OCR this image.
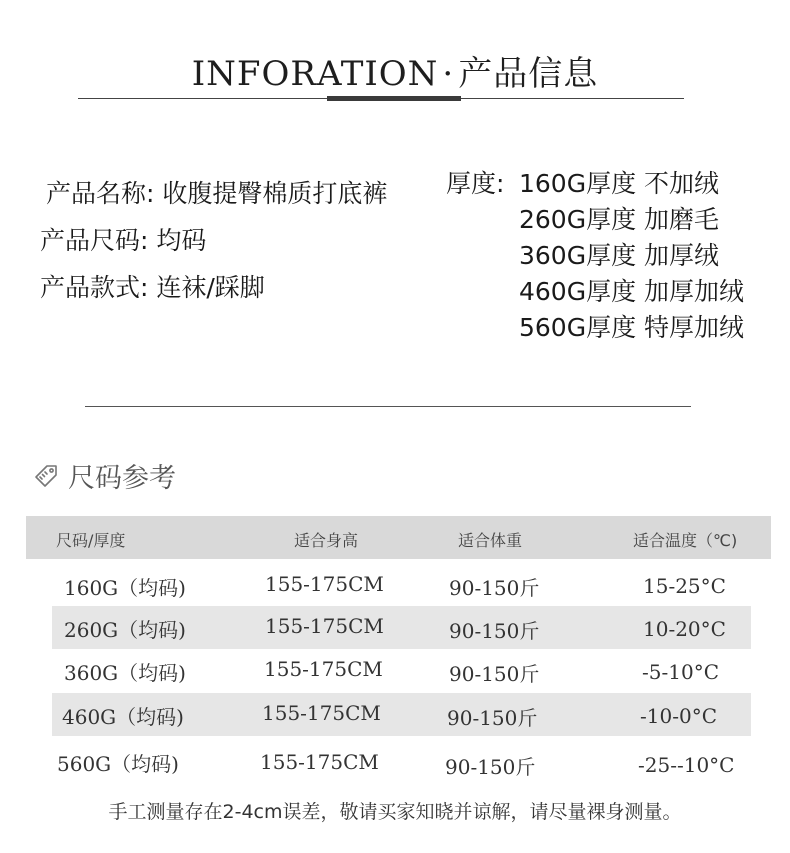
INFORATION · 产品信息
产品名称: 收腹提臀棉质打底裤
产品尺码: 均码
产品款式: 连袜/踩脚
厚度: 160G厚度 不加绒
260G厚度 加磨毛
360G厚度 加厚绒
460G厚度 加厚加绒
560G厚度 特厚加绒
尺码参考
尺码/厚度	适合身高	适合体重	适合温度（℃)
160G（均码)	155-175CM	90-150斤	15-25°C
260G（均码)	155-175CM	90-150斤	10-20°C
360G（均码)	155-175CM	90-150斤	-5-10°C
460G（均码)	155-175CM	90-150斤	-10-0°C
560G（均码)	155-175CM	90-150斤	-25--10°C
手工测量存在2-4cm误差，敬请买家知晓并谅解，请尽量裸身测量。
